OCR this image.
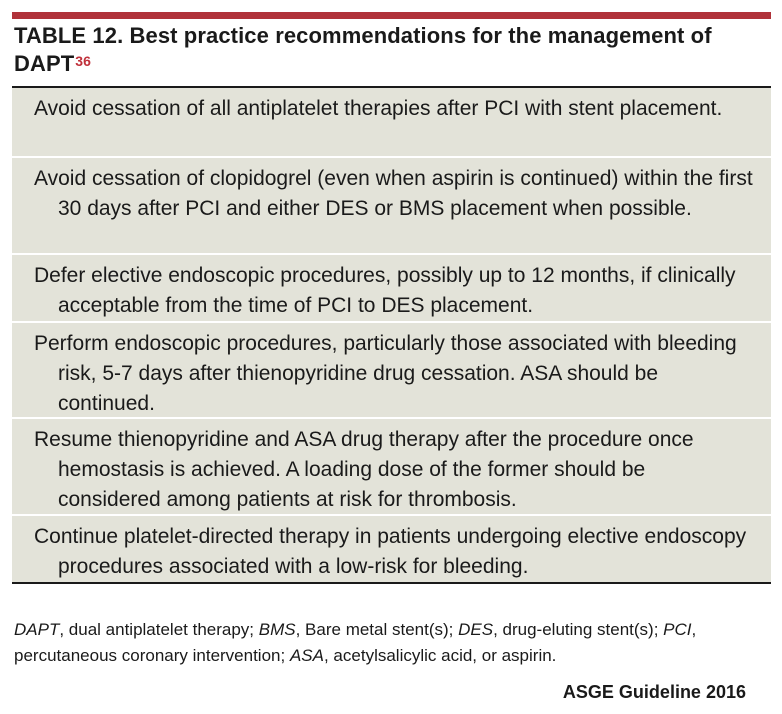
TABLE 12. Best practice recommendations for the management of DAPT$^{36}$
Avoid cessation of all antiplatelet therapies after PCI with stent placement.
Avoid cessation of clopidogrel (even when aspirin is continued) within the first 30 days after PCI and either DES or BMS placement when possible.
Defer elective endoscopic procedures, possibly up to 12 months, if clinically acceptable from the time of PCI to DES placement.
Perform endoscopic procedures, particularly those associated with bleeding risk, 5-7 days after thienopyridine drug cessation. ASA should be continued.
Resume thienopyridine and ASA drug therapy after the procedure once hemostasis is achieved. A loading dose of the former should be considered among patients at risk for thrombosis.
Continue platelet-directed therapy in patients undergoing elective endoscopy procedures associated with a low-risk for bleeding.
DAPT, dual antiplatelet therapy; BMS, Bare metal stent(s); DES, drug-eluting stent(s); PCI, percutaneous coronary intervention; ASA, acetylsalicylic acid, or aspirin.
ASGE Guideline 2016
